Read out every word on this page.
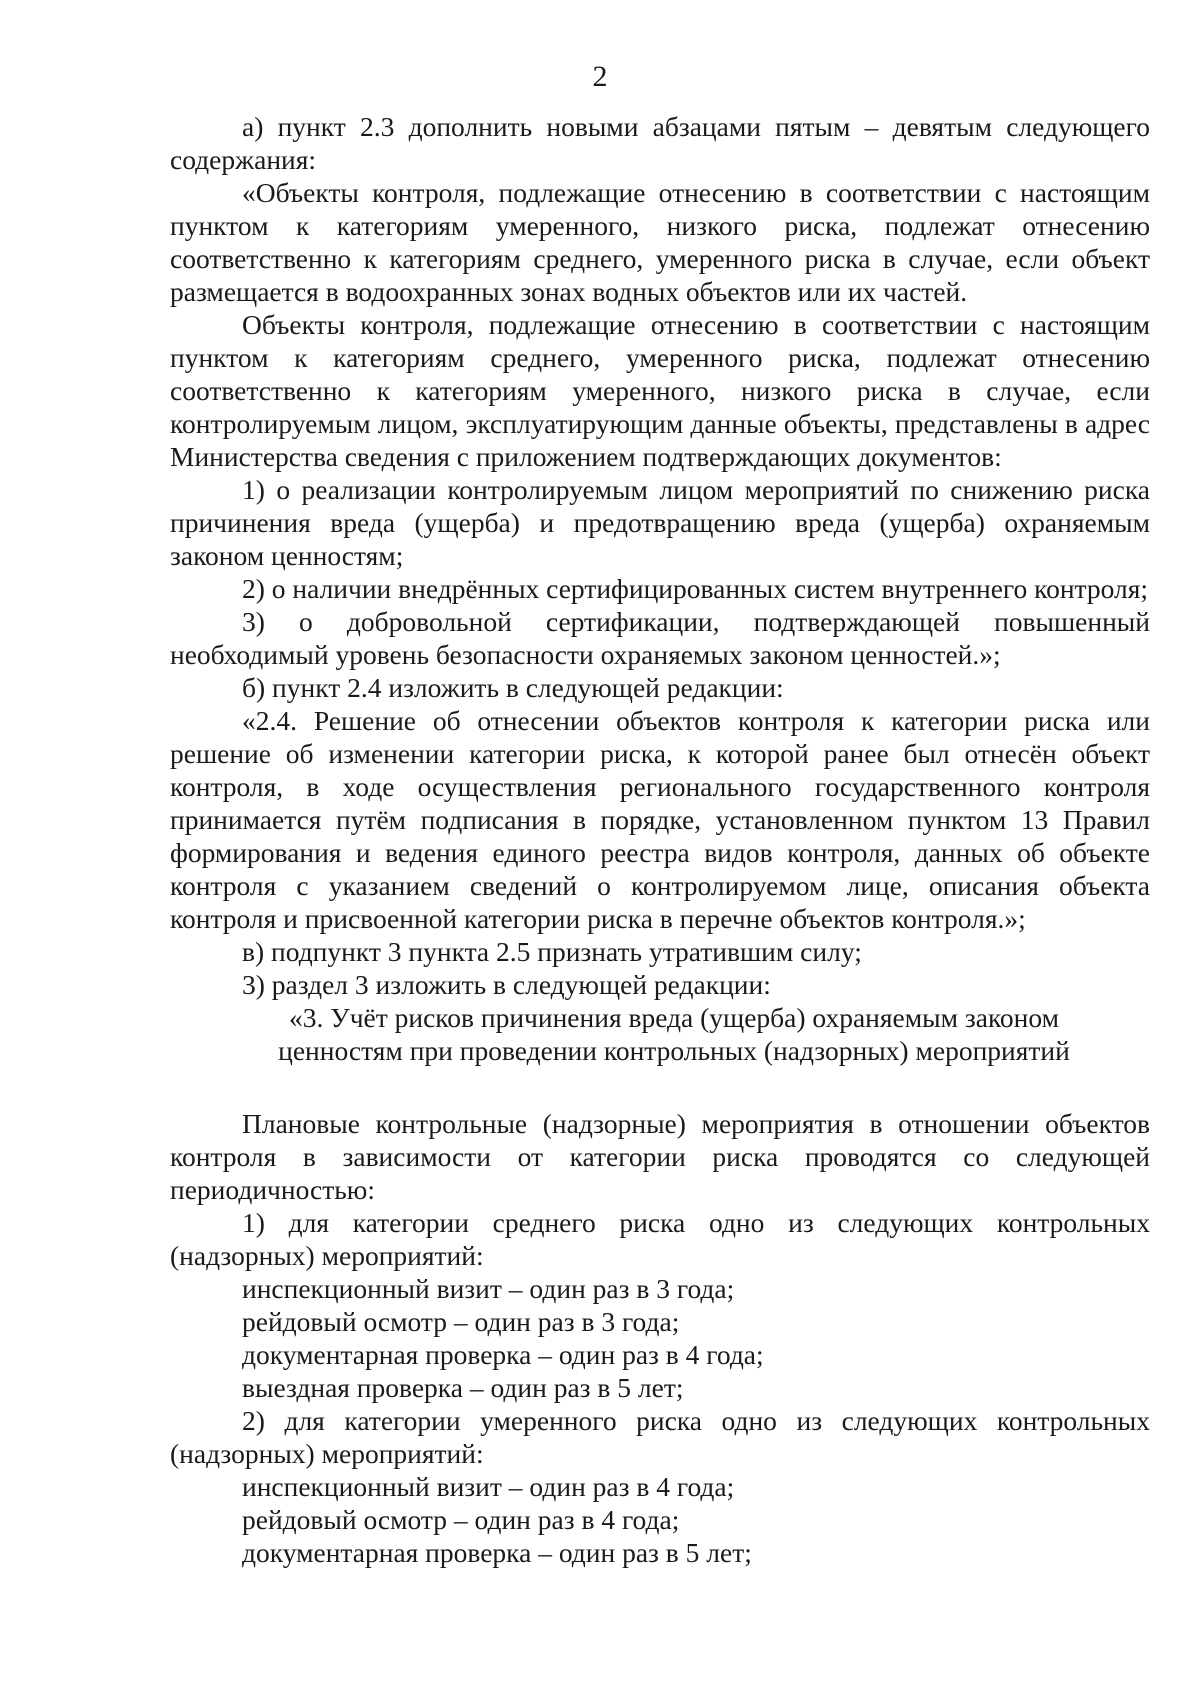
2

а) пункт 2.3 дополнить новыми абзацами пятым – девятым следующего содержания:

«Объекты контроля, подлежащие отнесению в соответствии с настоящим пунктом к категориям умеренного, низкого риска, подлежат отнесению соответственно к категориям среднего, умеренного риска в случае, если объект размещается в водоохранных зонах водных объектов или их частей.

Объекты контроля, подлежащие отнесению в соответствии с настоящим пунктом к категориям среднего, умеренного риска, подлежат отнесению соответственно к категориям умеренного, низкого риска в случае, если контролируемым лицом, эксплуатирующим данные объекты, представлены в адрес Министерства сведения с приложением подтверждающих документов:

1) о реализации контролируемым лицом мероприятий по снижению риска причинения вреда (ущерба) и предотвращению вреда (ущерба) охраняемым законом ценностям;

2) о наличии внедрённых сертифицированных систем внутреннего контроля;

3) о добровольной сертификации, подтверждающей повышенный необходимый уровень безопасности охраняемых законом ценностей.»;

б) пункт 2.4 изложить в следующей редакции:

«2.4. Решение об отнесении объектов контроля к категории риска или решение об изменении категории риска, к которой ранее был отнесён объект контроля, в ходе осуществления регионального государственного контроля принимается путём подписания в порядке, установленном пунктом 13 Правил формирования и ведения единого реестра видов контроля, данных об объекте контроля с указанием сведений о контролируемом лице, описания объекта контроля и присвоенной категории риска в перечне объектов контроля.»;

в) подпункт 3 пункта 2.5 признать утратившим силу;

3) раздел 3 изложить в следующей редакции:

«3. Учёт рисков причинения вреда (ущерба) охраняемым законом

ценностям при проведении контрольных (надзорных) мероприятий

Плановые контрольные (надзорные) мероприятия в отношении объектов контроля в зависимости от категории риска проводятся со следующей периодичностью:

1) для категории среднего риска одно из следующих контрольных (надзорных) мероприятий:

инспекционный визит – один раз в 3 года;

рейдовый осмотр – один раз в 3 года;

документарная проверка – один раз в 4 года;

выездная проверка – один раз в 5 лет;

2) для категории умеренного риска одно из следующих контрольных (надзорных) мероприятий:

инспекционный визит – один раз в 4 года;

рейдовый осмотр – один раз в 4 года;

документарная проверка – один раз в 5 лет;
